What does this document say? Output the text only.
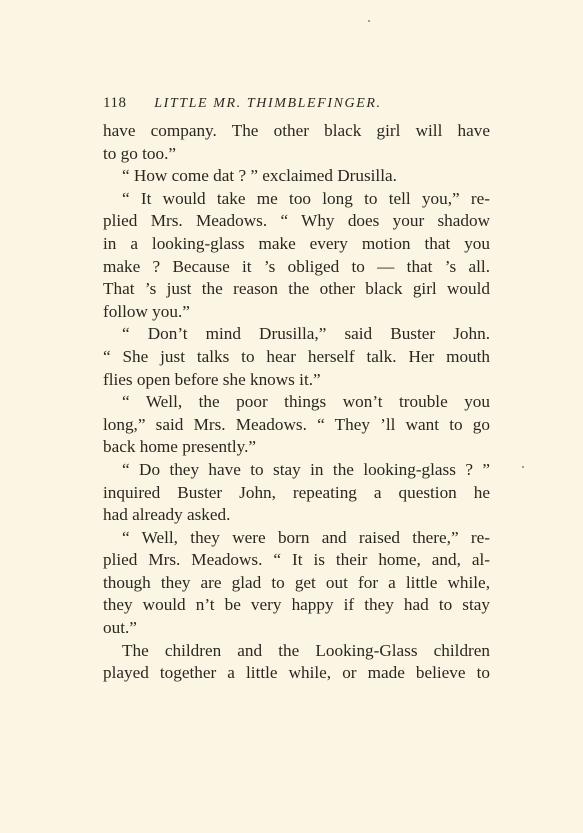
118 LITTLE MR. THIMBLEFINGER.
have company. The other black girl will have
to go too.”
“ How come dat ? ” exclaimed Drusilla.
“ It would take me too long to tell you,” re-
plied Mrs. Meadows. “ Why does your shadow
in a looking-glass make every motion that you
make ? Because it ’s obliged to — that ’s all.
That ’s just the reason the other black girl would
follow you.”
“ Don’t mind Drusilla,” said Buster John.
“ She just talks to hear herself talk. Her mouth
flies open before she knows it.”
“ Well, the poor things won’t trouble you
long,” said Mrs. Meadows. “ They ’ll want to go
back home presently.”
“ Do they have to stay in the looking-glass ? ”
inquired Buster John, repeating a question he
had already asked.
“ Well, they were born and raised there,” re-
plied Mrs. Meadows. “ It is their home, and, al-
though they are glad to get out for a little while,
they would n’t be very happy if they had to stay
out.”
The children and the Looking-Glass children
played together a little while, or made believe to
